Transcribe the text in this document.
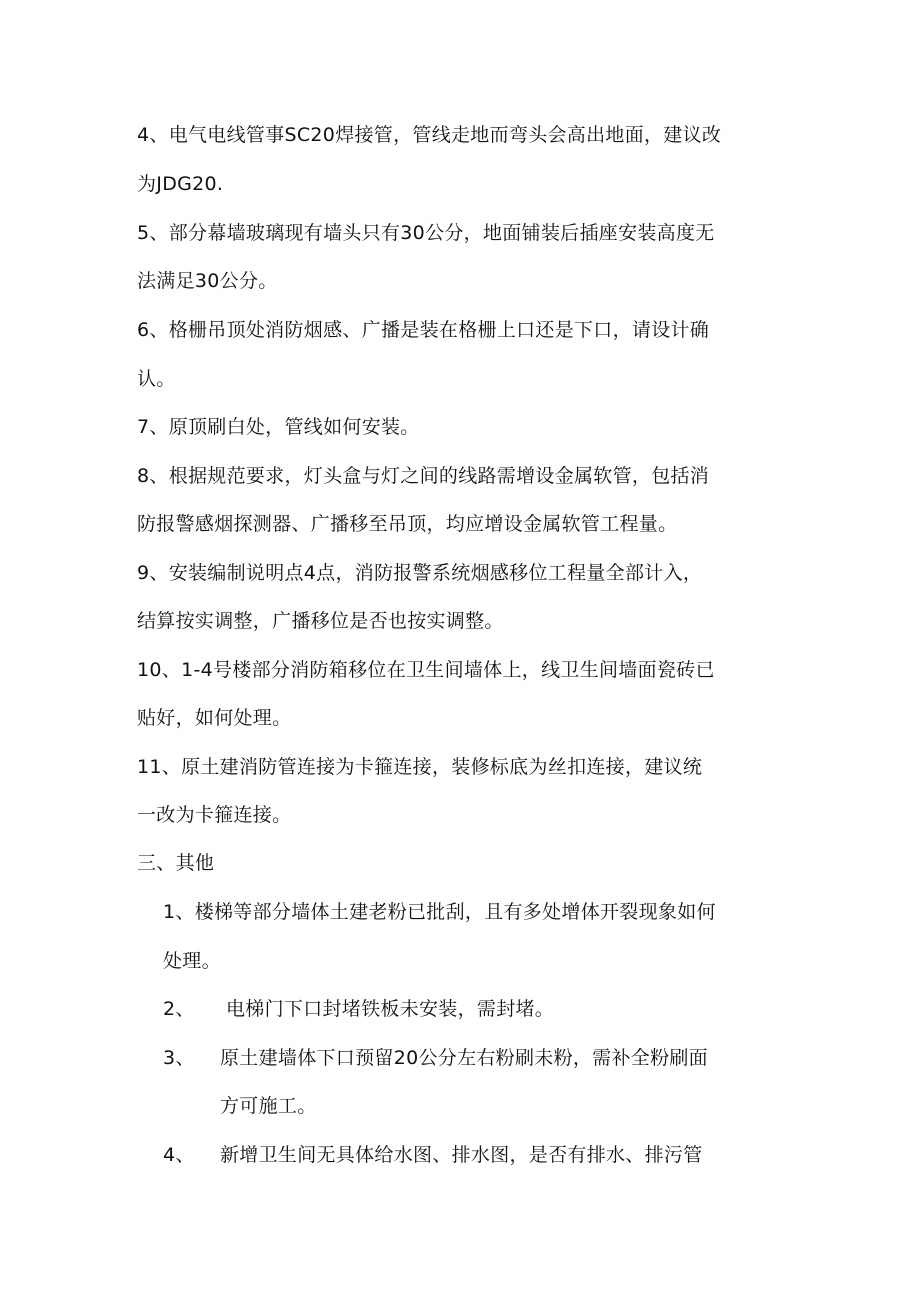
4、电气电线管事SC20焊接管，管线走地而弯头会高出地面，建议改
为JDG20.
5、部分幕墙玻璃现有墙头只有30公分，地面铺装后插座安装高度无
法满足30公分。
6、格栅吊顶处消防烟感、广播是装在格栅上口还是下口，请设计确
认。
7、原顶刷白处，管线如何安装。
8、根据规范要求，灯头盒与灯之间的线路需增设金属软管，包括消
防报警感烟探测器、广播移至吊顶，均应增设金属软管工程量。
9、安装编制说明点4点，消防报警系统烟感移位工程量全部计入，
结算按实调整，广播移位是否也按实调整。
10、1-4号楼部分消防箱移位在卫生间墙体上，线卫生间墙面瓷砖已
贴好，如何处理。
11、原土建消防管连接为卡箍连接，装修标底为丝扣连接，建议统
一改为卡箍连接。
三、其他
1、楼梯等部分墙体土建老粉已批刮，且有多处增体开裂现象如何
处理。
2、 电梯门下口封堵铁板未安装，需封堵。
3、 原土建墙体下口预留20公分左右粉刷未粉，需补全粉刷面
方可施工。
4、 新增卫生间无具体给水图、排水图，是否有排水、排污管
